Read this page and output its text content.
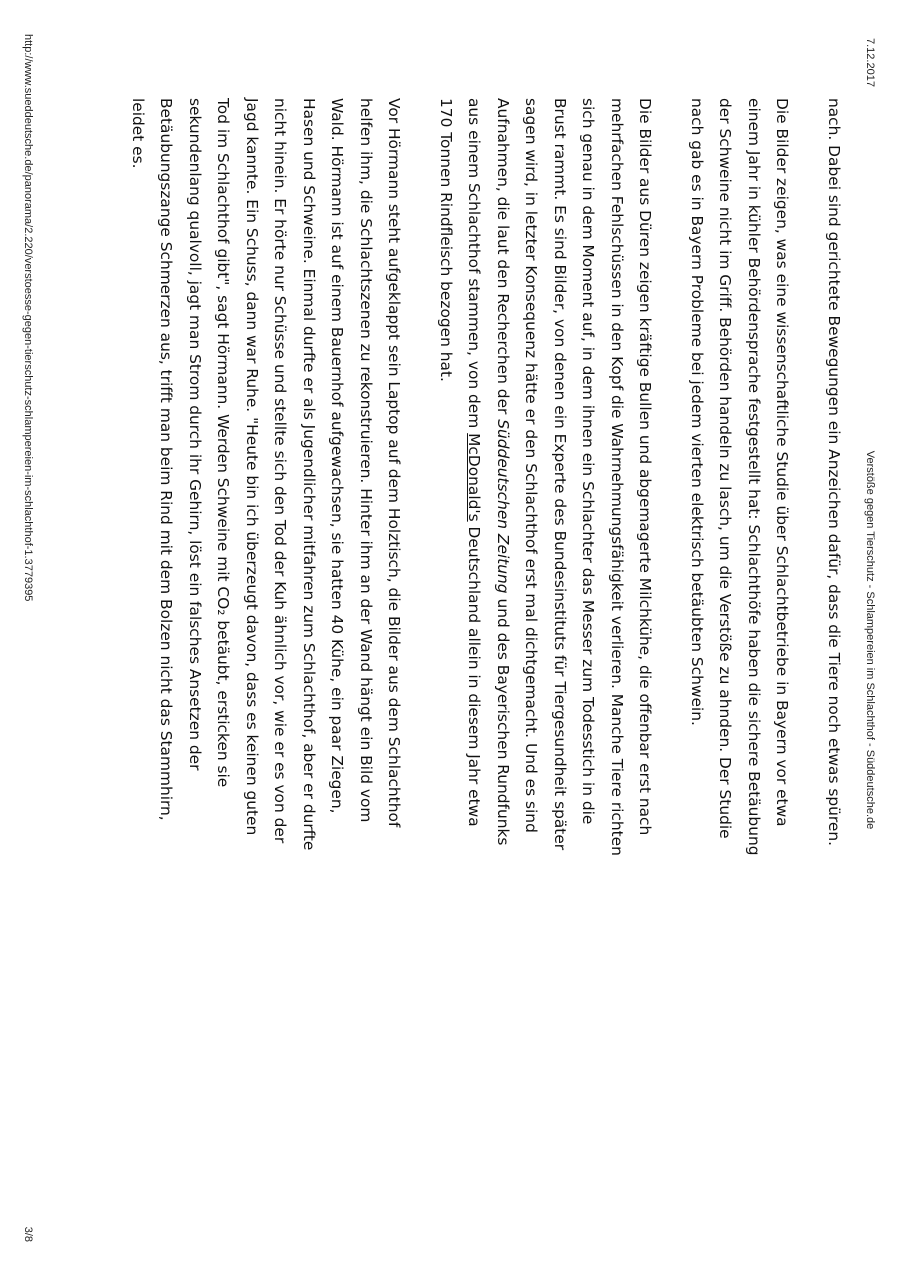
7.12.2017
Verstöße gegen Tierschutz - Schlampereien im Schlachthof - Süddeutsche.de

nach. Dabei sind gerichtete Bewegungen ein Anzeichen dafür, dass die Tiere noch etwas spüren.

Die Bilder zeigen, was eine wissenschaftliche Studie über Schlachtbetriebe in Bayern vor etwa einem Jahr in kühler Behördensprache festgestellt hat: Schlachthöfe haben die sichere Betäubung der Schweine nicht im Griff. Behörden handeln zu lasch, um die Verstöße zu ahnden. Der Studie nach gab es in Bayern Probleme bei jedem vierten elektrisch betäubten Schwein.

Die Bilder aus Düren zeigen kräftige Bullen und abgemagerte Milchkühe, die offenbar erst nach mehrfachen Fehlschüssen in den Kopf die Wahrnehmungsfähigkeit verlieren. Manche Tiere richten sich genau in dem Moment auf, in dem ihnen ein Schlachter das Messer zum Todesstich in die Brust rammt. Es sind Bilder, von denen ein Experte des Bundesinstituts für Tiergesundheit später sagen wird, in letzter Konsequenz hätte er den Schlachthof erst mal dichtgemacht. Und es sind Aufnahmen, die laut den Recherchen der Süddeutschen Zeitung und des Bayerischen Rundfunks aus einem Schlachthof stammen, von dem McDonald's Deutschland allein in diesem Jahr etwa 170 Tonnen Rindfleisch bezogen hat.

Vor Hörmann steht aufgeklappt sein Laptop auf dem Holztisch, die Bilder aus dem Schlachthof helfen ihm, die Schlachtszenen zu rekonstruieren. Hinter ihm an der Wand hängt ein Bild vom Wald. Hörmann ist auf einem Bauernhof aufgewachsen, sie hatten 40 Kühe, ein paar Ziegen, Hasen und Schweine. Einmal durfte er als Jugendlicher mitfahren zum Schlachthof, aber er durfte nicht hinein. Er hörte nur Schüsse und stellte sich den Tod der Kuh ähnlich vor, wie er es von der Jagd kannte. Ein Schuss, dann war Ruhe. "Heute bin ich überzeugt davon, dass es keinen guten Tod im Schlachthof gibt", sagt Hörmann. Werden Schweine mit CO₂ betäubt, ersticken sie sekundenlang qualvoll, jagt man Strom durch ihr Gehirn, löst ein falsches Ansetzen der Betäubungszange Schmerzen aus, trifft man beim Rind mit dem Bolzen nicht das Stammhirn, leidet es.

http://www.sueddeutsche.de/panorama/2.220/verstoesse-gegen-tierschutz-schlampereien-im-schlachthof-1.3779395
3/8
